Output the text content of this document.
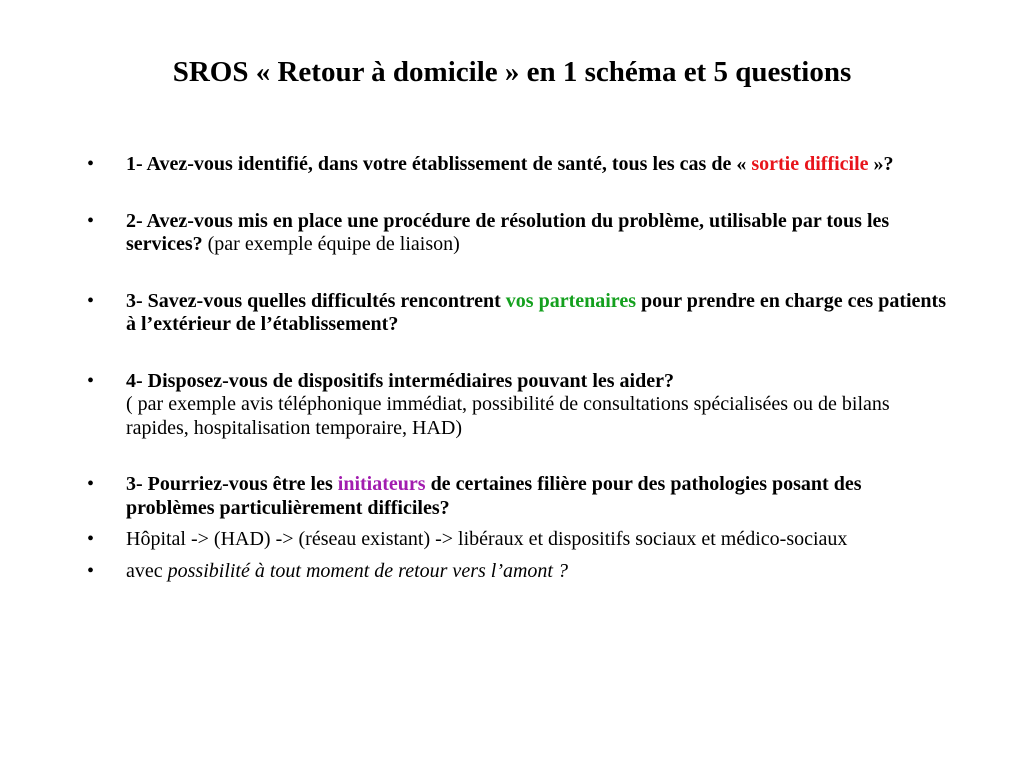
SROS « Retour à domicile » en 1 schéma et 5 questions
• 1- Avez-vous identifié, dans votre établissement de santé, tous les cas de « sortie difficile »?
• 2- Avez-vous mis en place une procédure de résolution du problème, utilisable par tous les services? (par exemple équipe de liaison)
• 3- Savez-vous quelles difficultés rencontrent vos partenaires pour prendre en charge ces patients à l’extérieur de l’établissement?
• 4- Disposez-vous de dispositifs intermédiaires pouvant les aider?
( par exemple avis téléphonique immédiat, possibilité de consultations spécialisées ou de bilans rapides, hospitalisation temporaire, HAD)
• 3- Pourriez-vous être les initiateurs de certaines filière pour des pathologies posant des problèmes particulièrement difficiles?
• Hôpital -> (HAD) -> (réseau existant) -> libéraux et dispositifs sociaux et médico-sociaux
• avec possibilité à tout moment de retour vers l’amont ?
